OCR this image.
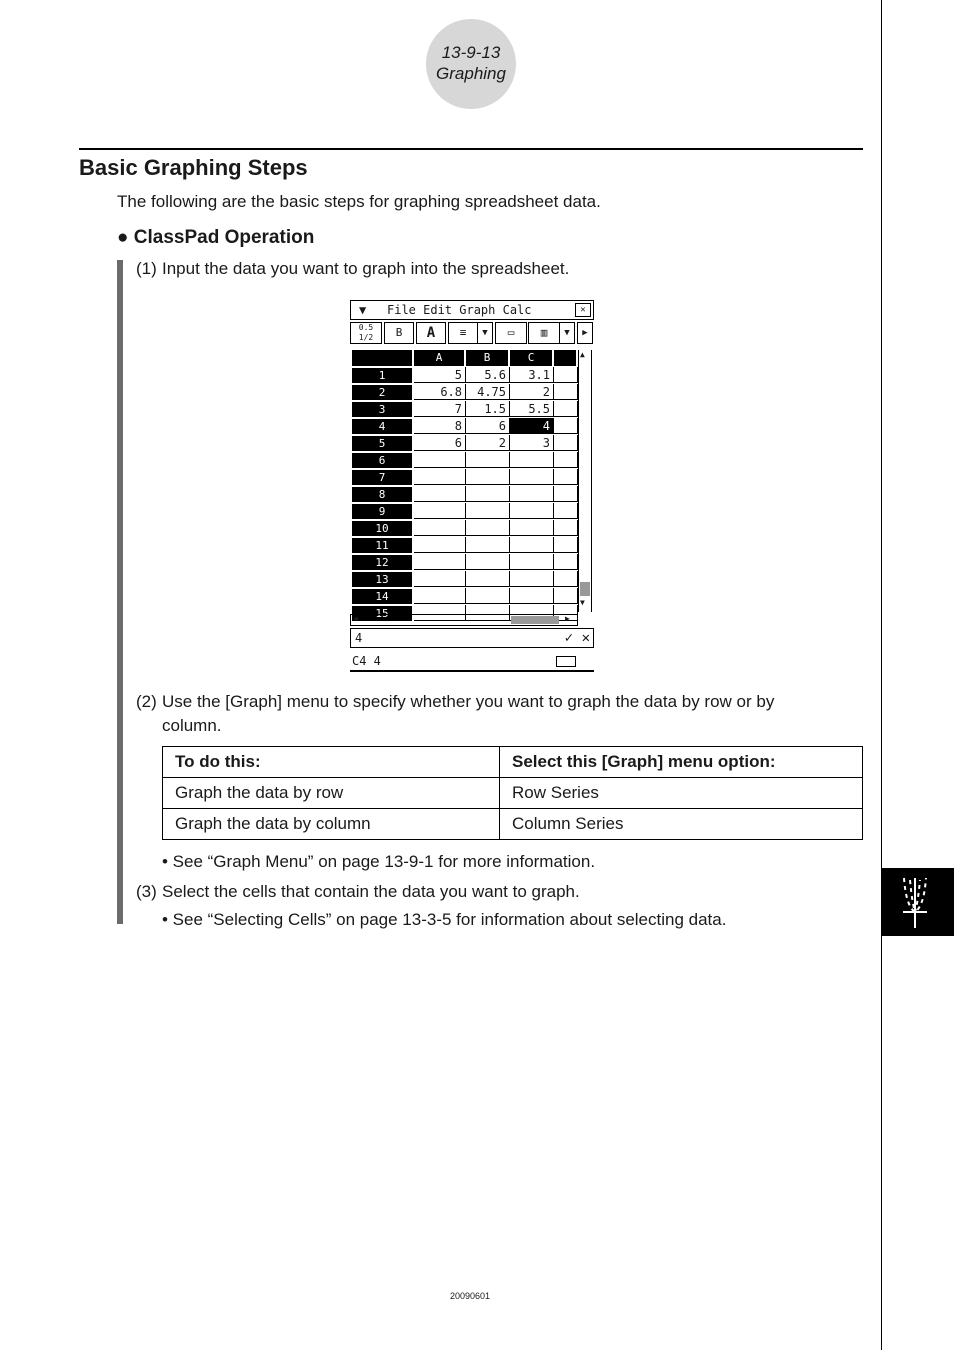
13-9-13
Graphing
Basic Graphing Steps
The following are the basic steps for graphing spreadsheet data.
● ClassPad Operation
(1) Input the data you want to graph into the spreadsheet.
▼ File Edit Graph Calc	✕
0.5 1/2	B	A	≡	▼	▭	▥	▼	▶
A	B	C
1	5	5.6	3.1
2	6.8	4.75	2
3	7	1.5	5.5
4	8	6	4
5	6	2	3
6
7
8
9
10
11
12
13
14
15
▲
▼
◀	▶
4	✓ ✕
C4 4
(2) Use the [Graph] menu to specify whether you want to graph the data by row or by
column.
To do this:	Select this [Graph] menu option:
Graph the data by row	Row Series
Graph the data by column	Column Series
• See “Graph Menu” on page 13-9-1 for more information.
(3) Select the cells that contain the data you want to graph.
• See “Selecting Cells” on page 13-3-5 for information about selecting data.
20090601
